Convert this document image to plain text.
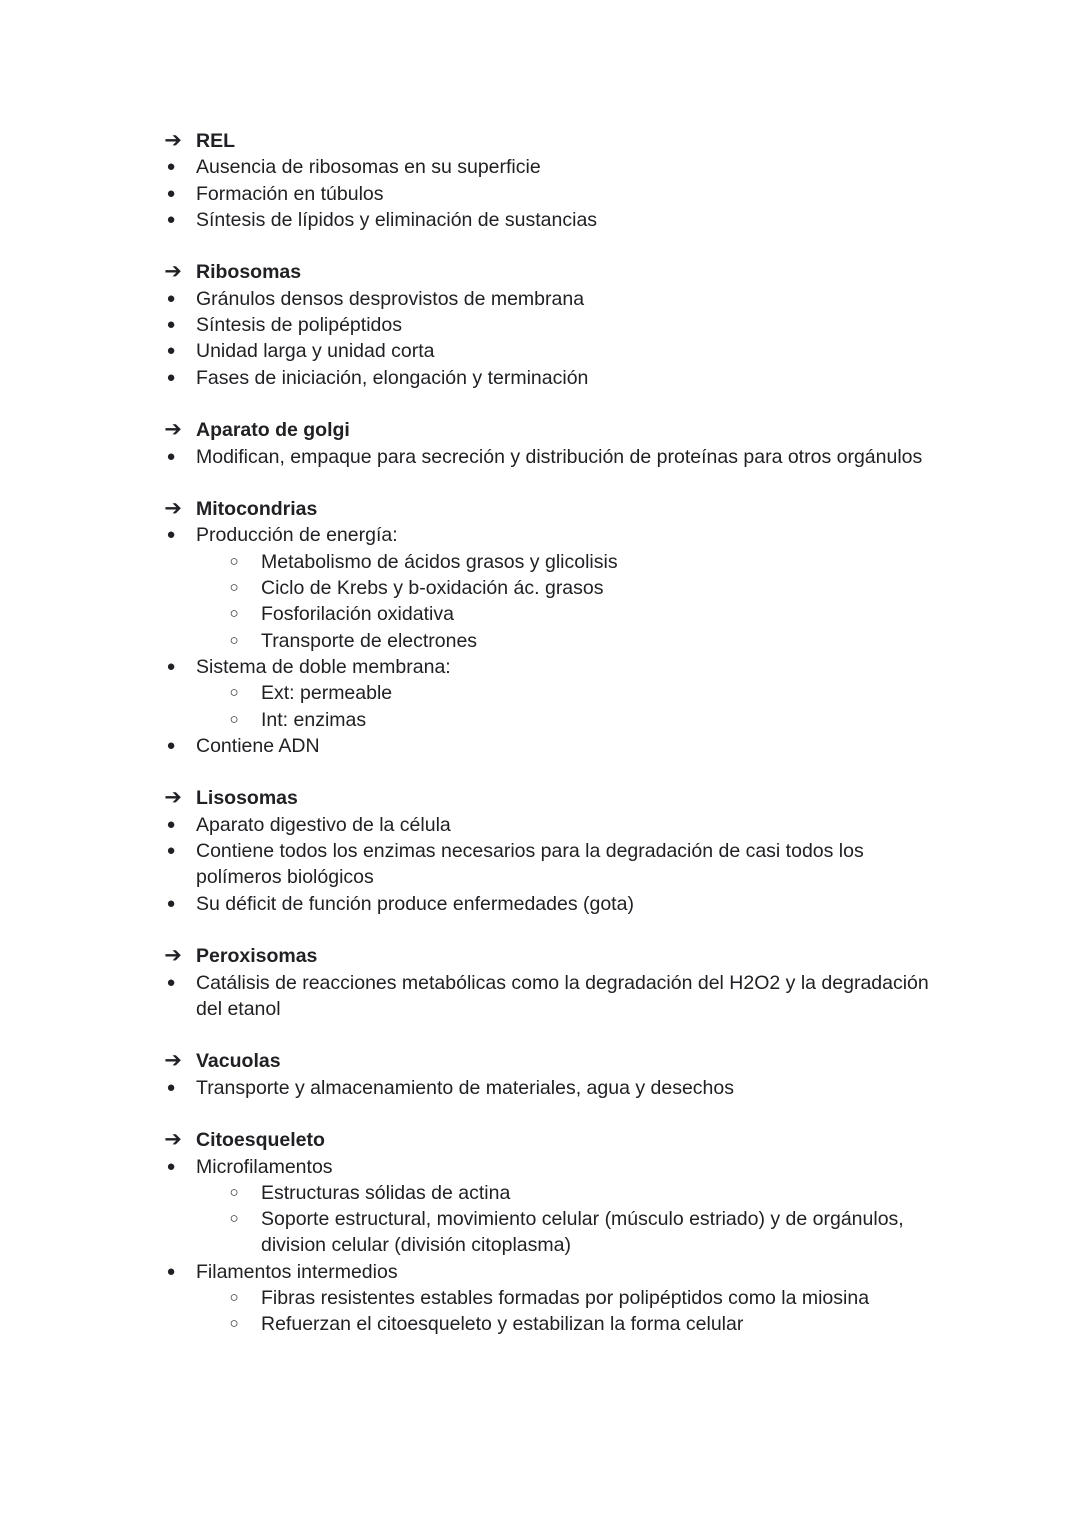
➔ REL
●	Ausencia de ribosomas en su superficie
●	Formación en túbulos
●	Síntesis de lípidos y eliminación de sustancias
➔ Ribosomas
●	Gránulos densos desprovistos de membrana
●	Síntesis de polipéptidos
●	Unidad larga y unidad corta
●	Fases de iniciación, elongación y terminación
➔ Aparato de golgi
●	Modifican, empaque para secreción y distribución de proteínas para otros orgánulos
➔ Mitocondrias
●	Producción de energía:
○	Metabolismo de ácidos grasos y glicolisis
○	Ciclo de Krebs y b-oxidación ác. grasos
○	Fosforilación oxidativa
○	Transporte de electrones
●	Sistema de doble membrana:
○	Ext: permeable
○	Int: enzimas
●	Contiene ADN
➔ Lisosomas
●	Aparato digestivo de la célula
●	Contiene todos los enzimas necesarios para la degradación de casi todos los
polímeros biológicos
●	Su déficit de función produce enfermedades (gota)
➔ Peroxisomas
●	Catálisis de reacciones metabólicas como la degradación del H2O2 y la degradación
del etanol
➔ Vacuolas
●	Transporte y almacenamiento de materiales, agua y desechos
➔ Citoesqueleto
●	Microfilamentos
○	Estructuras sólidas de actina
○	Soporte estructural, movimiento celular (músculo estriado) y de orgánulos,
division celular (división citoplasma)
●	Filamentos intermedios
○	Fibras resistentes estables formadas por polipéptidos como la miosina
○	Refuerzan el citoesqueleto y estabilizan la forma celular
